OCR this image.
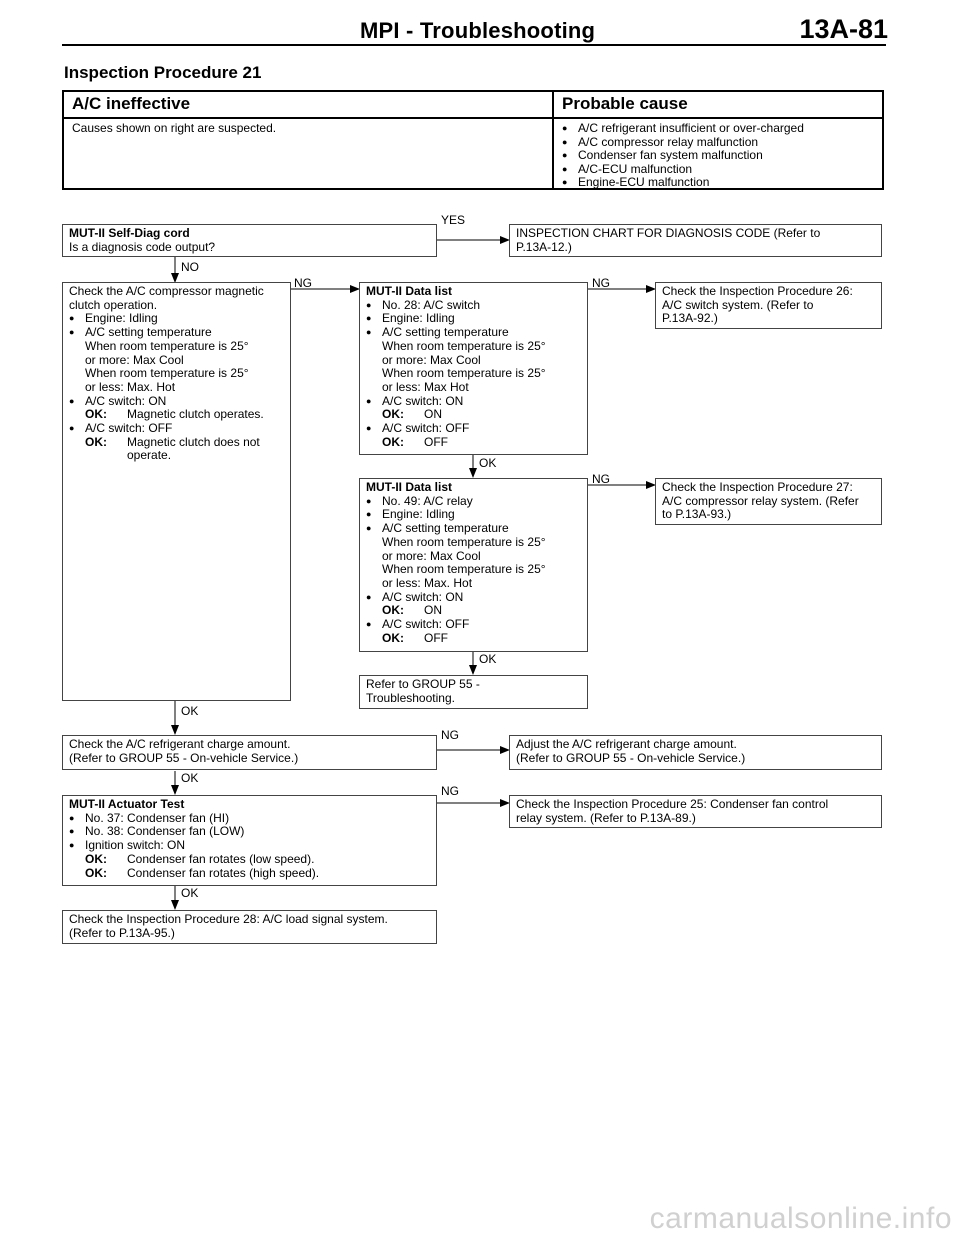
MPI - Troubleshooting	13A-81
Inspection Procedure 21
A/C ineffective	Probable cause
Causes shown on right are suspected.
●	A/C refrigerant insufficient or over-charged
● A/C compressor relay malfunction
● Condenser fan system malfunction
● A/C-ECU malfunction
● Engine-ECU malfunction
YES
NO
NG	NG
OK
NG
OK
OK
NG
OK
NG
OK
MUT-II Self-Diag cord
Is a diagnosis code output?
INSPECTION CHART FOR DIAGNOSIS CODE (Refer to
P.13A-12.)
Check the A/C compressor magnetic
clutch operation.
● Engine: Idling
● A/C setting temperature
When room temperature is 25°
or more: Max Cool
When room temperature is 25°
or less: Max. Hot
● A/C switch: ON
OK: Magnetic clutch operates.
● A/C switch: OFF
OK: Magnetic clutch does not
operate.
MUT-II Data list
● No. 28: A/C switch
● Engine: Idling
● A/C setting temperature
When room temperature is 25°
or more: Max Cool
When room temperature is 25°
or less: Max Hot
● A/C switch: ON
OK: ON
● A/C switch: OFF
OK: OFF
Check the Inspection Procedure 26:
A/C switch system. (Refer to
P.13A-92.)
MUT-II Data list
● No. 49: A/C relay
● Engine: Idling
● A/C setting temperature
When room temperature is 25°
or more: Max Cool
When room temperature is 25°
or less: Max. Hot
● A/C switch: ON
OK: ON
● A/C switch: OFF
OK: OFF
Check the Inspection Procedure 27:
A/C compressor relay system. (Refer
to P.13A-93.)
Refer to GROUP 55 -
Troubleshooting.
Check the A/C refrigerant charge amount.
(Refer to GROUP 55 - On-vehicle Service.)
Adjust the A/C refrigerant charge amount.
(Refer to GROUP 55 - On-vehicle Service.)
MUT-II Actuator Test
● No. 37: Condenser fan (HI)
● No. 38: Condenser fan (LOW)
● Ignition switch: ON
OK: Condenser fan rotates (low speed).
OK: Condenser fan rotates (high speed).
Check the Inspection Procedure 25: Condenser fan control
relay system. (Refer to P.13A-89.)
Check the Inspection Procedure 28: A/C load signal system.
(Refer to P.13A-95.)
carmanualsonline.info
